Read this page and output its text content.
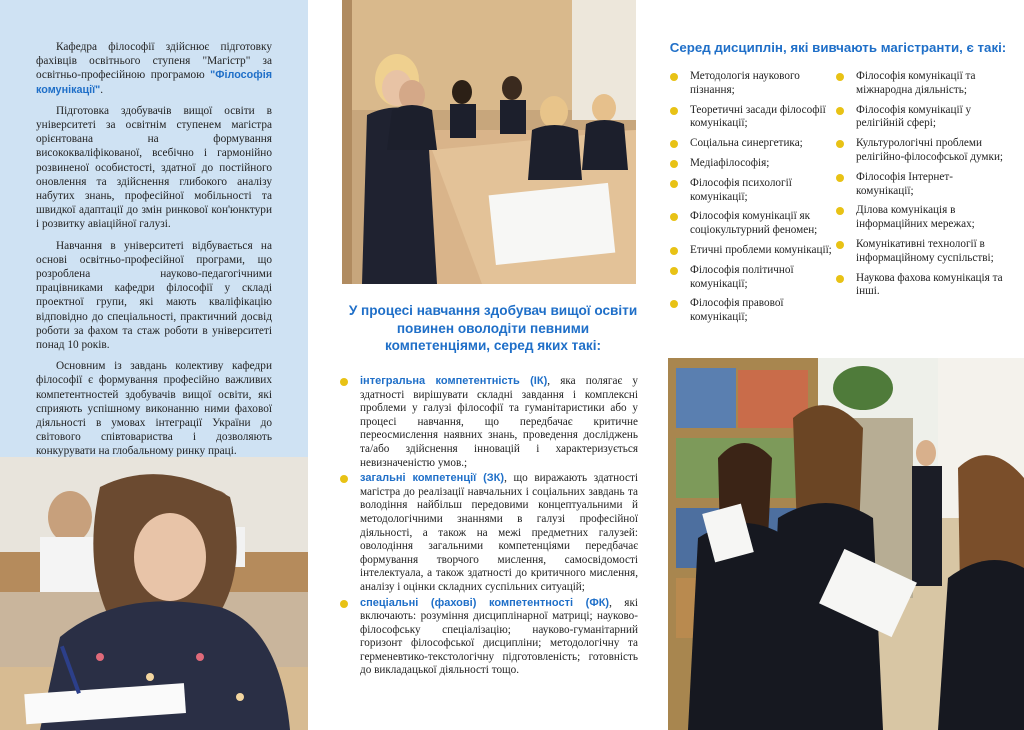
Кафедра філософії здійснює підготовку фахівців освітнього ступеня "Магістр" за освітньо-професійною програмою "Філософія комунікації".

Підготовка здобувачів вищої освіти в університеті за освітнім ступенем магістра орієнтована на формування висококваліфікованої, всебічно і гармонійно розвиненої особистості, здатної до постійного оновлення та здійснення глибокого аналізу набутих знань, професійної мобільності та швидкої адаптації до змін ринкової кон'юнктури і розвитку авіаційної галузі.

Навчання в університеті відбувається на основі освітньо-професійної програми, що розроблена науково-педагогічними працівниками кафедри філософії у складі проектної групи, які мають кваліфікацію відповідно до спеціальності, практичний досвід роботи за фахом та стаж роботи в університеті понад 10 років.

Основним із завдань колективу кафедри філософії є формування професійно важливих компетентностей здобувачів вищої освіти, які сприяють успішному виконанню ними фахової діяльності в умовах інтеграції України до світового співтовариства і дозволяють конкурувати на глобальному ринку праці.

У процесі навчання здобувач вищої освіти повинен оволодіти певними компетенціями, серед яких такі:
інтегральна компетентність (ІК), яка полягає у здатності вирішувати складні завдання і комплексні проблеми у галузі філософії та гуманітаристики або у процесі навчання, що передбачає критичне переосмислення наявних знань, проведення досліджень та/або здійснення інновацій і характеризується невизначеністю умов.;
загальні компетенції (ЗК), що виражають здатності магістра до реалізації навчальних і соціальних завдань та володіння найбільш передовими концептуальними й методологічними знаннями в галузі професійної діяльності, а також на межі предметних галузей: оволодіння загальними компетенціями передбачає формування творчого мислення, самосвідомості інтелектуала, а також здатності до критичного мислення, аналізу і оцінки складних суспільних ситуацій;
спеціальні (фахові) компетентності (ФК), які включають: розуміння дисциплінарної матриці; науково-філософську спеціалізацію; науково-гуманітарний горизонт філософської дисципліни; методологічну та герменевтико-текстологічну підготовленість; готовність до викладацької діяльності тощо.
Серед дисциплін, які вивчають магістранти, є такі:
Методологія наукового пізнання;
Теоретичні засади філософії комунікації;
Соціальна синергетика;
Медіафілософія;
Філософія психології комунікації;
Філософія комунікації як соціокультурний феномен;
Етичні проблеми комунікації;
Філософія політичної комунікації;
Філософія правової комунікації;
Філософія комунікації та міжнародна діяльність;
Філософія комунікації у релігійній сфері;
Культурологічні проблеми релігійно-філософської думки;
Філософія Інтернет-комунікації;
Ділова комунікація в інформаційних мережах;
Комунікативні технології в інформаційному суспільстві;
Наукова фахова комунікація та інші.
